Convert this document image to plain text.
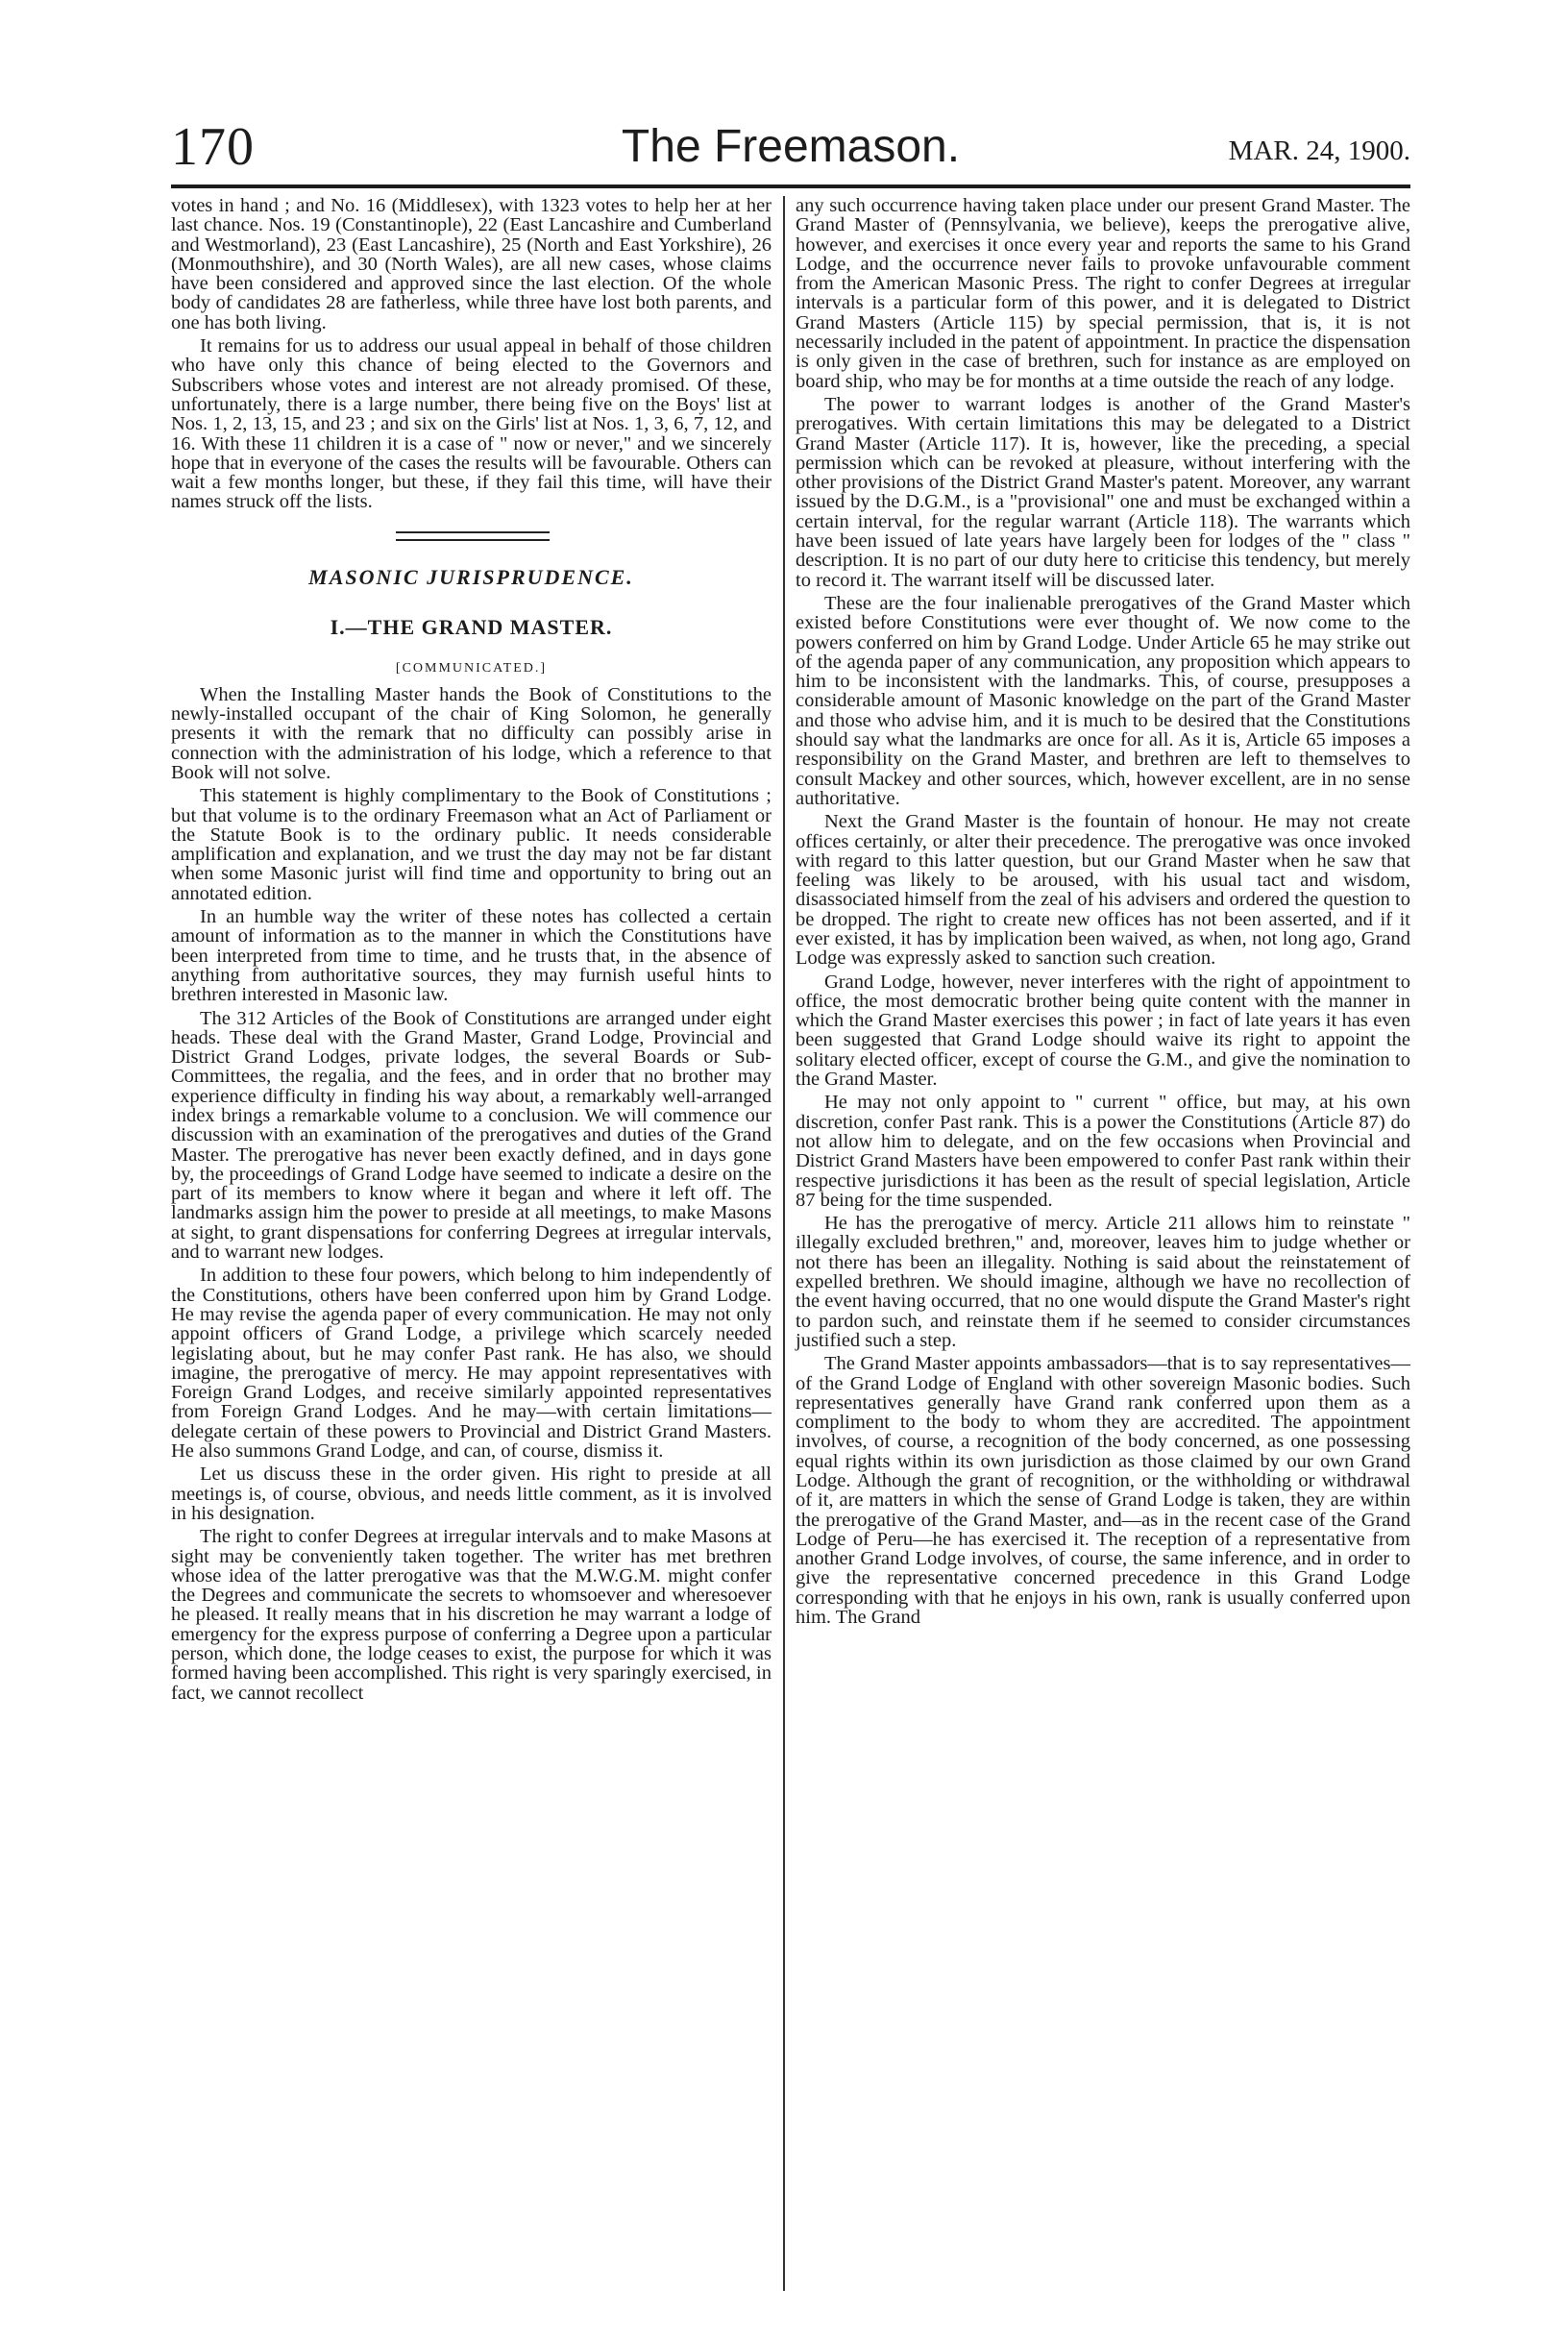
170	The Freemason.	MAR. 24, 1900.

votes in hand ; and No. 16 (Middlesex), with 1323 votes to help her at her last chance. Nos. 19 (Constantinople), 22 (East Lancashire and Cumberland and Westmorland), 23 (East Lancashire), 25 (North and East Yorkshire), 26 (Monmouthshire), and 30 (North Wales), are all new cases, whose claims have been considered and approved since the last election. Of the whole body of candidates 28 are fatherless, while three have lost both parents, and one has both living.

It remains for us to address our usual appeal in behalf of those children who have only this chance of being elected to the Governors and Subscribers whose votes and interest are not already promised. Of these, unfortunately, there is a large number, there being five on the Boys' list at Nos. 1, 2, 13, 15, and 23 ; and six on the Girls' list at Nos. 1, 3, 6, 7, 12, and 16. With these 11 children it is a case of " now or never," and we sincerely hope that in everyone of the cases the results will be favourable. Others can wait a few months longer, but these, if they fail this time, will have their names struck off the lists.

MASONIC JURISPRUDENCE.
I.—THE GRAND MASTER.
[COMMUNICATED.]

When the Installing Master hands the Book of Constitutions to the newly-installed occupant of the chair of King Solomon, he generally presents it with the remark that no difficulty can possibly arise in connection with the administration of his lodge, which a reference to that Book will not solve.

This statement is highly complimentary to the Book of Constitutions ; but that volume is to the ordinary Freemason what an Act of Parliament or the Statute Book is to the ordinary public. It needs considerable amplification and explanation, and we trust the day may not be far distant when some Masonic jurist will find time and opportunity to bring out an annotated edition.

In an humble way the writer of these notes has collected a certain amount of information as to the manner in which the Constitutions have been interpreted from time to time, and he trusts that, in the absence of anything from authoritative sources, they may furnish useful hints to brethren interested in Masonic law.

The 312 Articles of the Book of Constitutions are arranged under eight heads. These deal with the Grand Master, Grand Lodge, Provincial and District Grand Lodges, private lodges, the several Boards or Sub-Committees, the regalia, and the fees, and in order that no brother may experience difficulty in finding his way about, a remarkably well-arranged index brings a remarkable volume to a conclusion. We will commence our discussion with an examination of the prerogatives and duties of the Grand Master. The prerogative has never been exactly defined, and in days gone by, the proceedings of Grand Lodge have seemed to indicate a desire on the part of its members to know where it began and where it left off. The landmarks assign him the power to preside at all meetings, to make Masons at sight, to grant dispensations for conferring Degrees at irregular intervals, and to warrant new lodges.

In addition to these four powers, which belong to him independently of the Constitutions, others have been conferred upon him by Grand Lodge. He may revise the agenda paper of every communication. He may not only appoint officers of Grand Lodge, a privilege which scarcely needed legislating about, but he may confer Past rank. He has also, we should imagine, the prerogative of mercy. He may appoint representatives with Foreign Grand Lodges, and receive similarly appointed representatives from Foreign Grand Lodges. And he may—with certain limitations—delegate certain of these powers to Provincial and District Grand Masters. He also summons Grand Lodge, and can, of course, dismiss it.

Let us discuss these in the order given. His right to preside at all meetings is, of course, obvious, and needs little comment, as it is involved in his designation.

The right to confer Degrees at irregular intervals and to make Masons at sight may be conveniently taken together. The writer has met brethren whose idea of the latter prerogative was that the M.W.G.M. might confer the Degrees and communicate the secrets to whomsoever and wheresoever he pleased. It really means that in his discretion he may warrant a lodge of emergency for the express purpose of conferring a Degree upon a particular person, which done, the lodge ceases to exist, the purpose for which it was formed having been accomplished. This right is very sparingly exercised, in fact, we cannot recollect

any such occurrence having taken place under our present Grand Master. The Grand Master of (Pennsylvania, we believe), keeps the prerogative alive, however, and exercises it once every year and reports the same to his Grand Lodge, and the occurrence never fails to provoke unfavourable comment from the American Masonic Press. The right to confer Degrees at irregular intervals is a particular form of this power, and it is delegated to District Grand Masters (Article 115) by special permission, that is, it is not necessarily included in the patent of appointment. In practice the dispensation is only given in the case of brethren, such for instance as are employed on board ship, who may be for months at a time outside the reach of any lodge.

The power to warrant lodges is another of the Grand Master's prerogatives. With certain limitations this may be delegated to a District Grand Master (Article 117). It is, however, like the preceding, a special permission which can be revoked at pleasure, without interfering with the other provisions of the District Grand Master's patent. Moreover, any warrant issued by the D.G.M., is a "provisional" one and must be exchanged within a certain interval, for the regular warrant (Article 118). The warrants which have been issued of late years have largely been for lodges of the " class " description. It is no part of our duty here to criticise this tendency, but merely to record it. The warrant itself will be discussed later.

These are the four inalienable prerogatives of the Grand Master which existed before Constitutions were ever thought of. We now come to the powers conferred on him by Grand Lodge. Under Article 65 he may strike out of the agenda paper of any communication, any proposition which appears to him to be inconsistent with the landmarks. This, of course, presupposes a considerable amount of Masonic knowledge on the part of the Grand Master and those who advise him, and it is much to be desired that the Constitutions should say what the landmarks are once for all. As it is, Article 65 imposes a responsibility on the Grand Master, and brethren are left to themselves to consult Mackey and other sources, which, however excellent, are in no sense authoritative.

Next the Grand Master is the fountain of honour. He may not create offices certainly, or alter their precedence. The prerogative was once invoked with regard to this latter question, but our Grand Master when he saw that feeling was likely to be aroused, with his usual tact and wisdom, disassociated himself from the zeal of his advisers and ordered the question to be dropped. The right to create new offices has not been asserted, and if it ever existed, it has by implication been waived, as when, not long ago, Grand Lodge was expressly asked to sanction such creation.

Grand Lodge, however, never interferes with the right of appointment to office, the most democratic brother being quite content with the manner in which the Grand Master exercises this power ; in fact of late years it has even been suggested that Grand Lodge should waive its right to appoint the solitary elected officer, except of course the G.M., and give the nomination to the Grand Master.

He may not only appoint to " current " office, but may, at his own discretion, confer Past rank. This is a power the Constitutions (Article 87) do not allow him to delegate, and on the few occasions when Provincial and District Grand Masters have been empowered to confer Past rank within their respective jurisdictions it has been as the result of special legislation, Article 87 being for the time suspended.

He has the prerogative of mercy. Article 211 allows him to reinstate " illegally excluded brethren," and, moreover, leaves him to judge whether or not there has been an illegality. Nothing is said about the reinstatement of expelled brethren. We should imagine, although we have no recollection of the event having occurred, that no one would dispute the Grand Master's right to pardon such, and reinstate them if he seemed to consider circumstances justified such a step.

The Grand Master appoints ambassadors—that is to say representatives—of the Grand Lodge of England with other sovereign Masonic bodies. Such representatives generally have Grand rank conferred upon them as a compliment to the body to whom they are accredited. The appointment involves, of course, a recognition of the body concerned, as one possessing equal rights within its own jurisdiction as those claimed by our own Grand Lodge. Although the grant of recognition, or the withholding or withdrawal of it, are matters in which the sense of Grand Lodge is taken, they are within the prerogative of the Grand Master, and—as in the recent case of the Grand Lodge of Peru—he has exercised it. The reception of a representative from another Grand Lodge involves, of course, the same inference, and in order to give the representative concerned precedence in this Grand Lodge corresponding with that he enjoys in his own, rank is usually conferred upon him. The Grand
